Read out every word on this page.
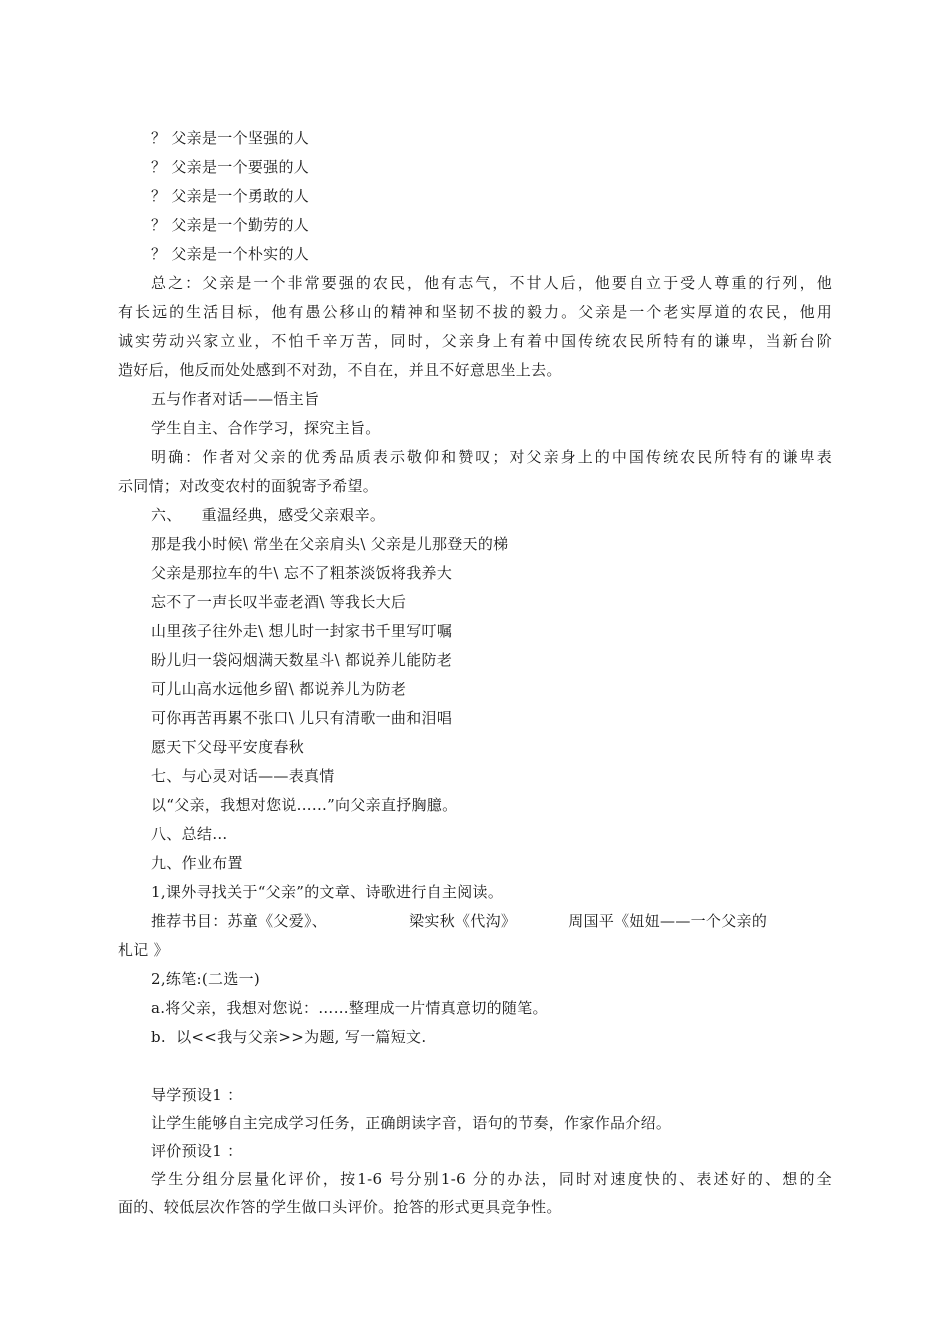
？ 父亲是一个坚强的人
？ 父亲是一个要强的人
？ 父亲是一个勇敢的人
？ 父亲是一个勤劳的人
？ 父亲是一个朴实的人
总之：父亲是一个非常要强的农民，他有志气，不甘人后，他要自立于受人尊重的行列，他
有长远的生活目标，他有愚公移山的精神和坚韧不拔的毅力。父亲是一个老实厚道的农民，他用
诚实劳动兴家立业，不怕千辛万苦，同时，父亲身上有着中国传统农民所特有的谦卑，当新台阶
造好后，他反而处处感到不对劲，不自在，并且不好意思坐上去。
五与作者对话——悟主旨
学生自主、合作学习，探究主旨。
明确：作者对父亲的优秀品质表示敬仰和赞叹；对父亲身上的中国传统农民所特有的谦卑表
示同情；对改变农村的面貌寄予希望。
六、 重温经典，感受父亲艰辛。
那是我小时候\ 常坐在父亲肩头\ 父亲是儿那登天的梯
父亲是那拉车的牛\ 忘不了粗茶淡饭将我养大
忘不了一声长叹半壶老酒\ 等我长大后
山里孩子往外走\ 想儿时一封家书千里写叮嘱
盼儿归一袋闷烟满天数星斗\ 都说养儿能防老
可儿山高水远他乡留\ 都说养儿为防老
可你再苦再累不张口\ 儿只有清歌一曲和泪唱
愿天下父母平安度春秋
七、与心灵对话——表真情
以“父亲，我想对您说......”向父亲直抒胸臆。
八、总结…
九、作业布置
1,课外寻找关于“父亲”的文章、诗歌进行自主阅读。
推荐书目：苏童《父爱》、	梁实秋《代沟》	周国平《妞妞——一个父亲的
札记 》
2,练笔:(二选一)
a.将父亲，我想对您说：……整理成一片情真意切的随笔。
b.  以<<我与父亲>>为题, 写一篇短文.
导学预设1 ：
让学生能够自主完成学习任务，正确朗读字音，语句的节奏，作家作品介绍。
评价预设1 ：
学生分组分层量化评价，按1-6 号分别1-6 分的办法，同时对速度快的、表述好的、想的全
面的、较低层次作答的学生做口头评价。抢答的形式更具竞争性。
